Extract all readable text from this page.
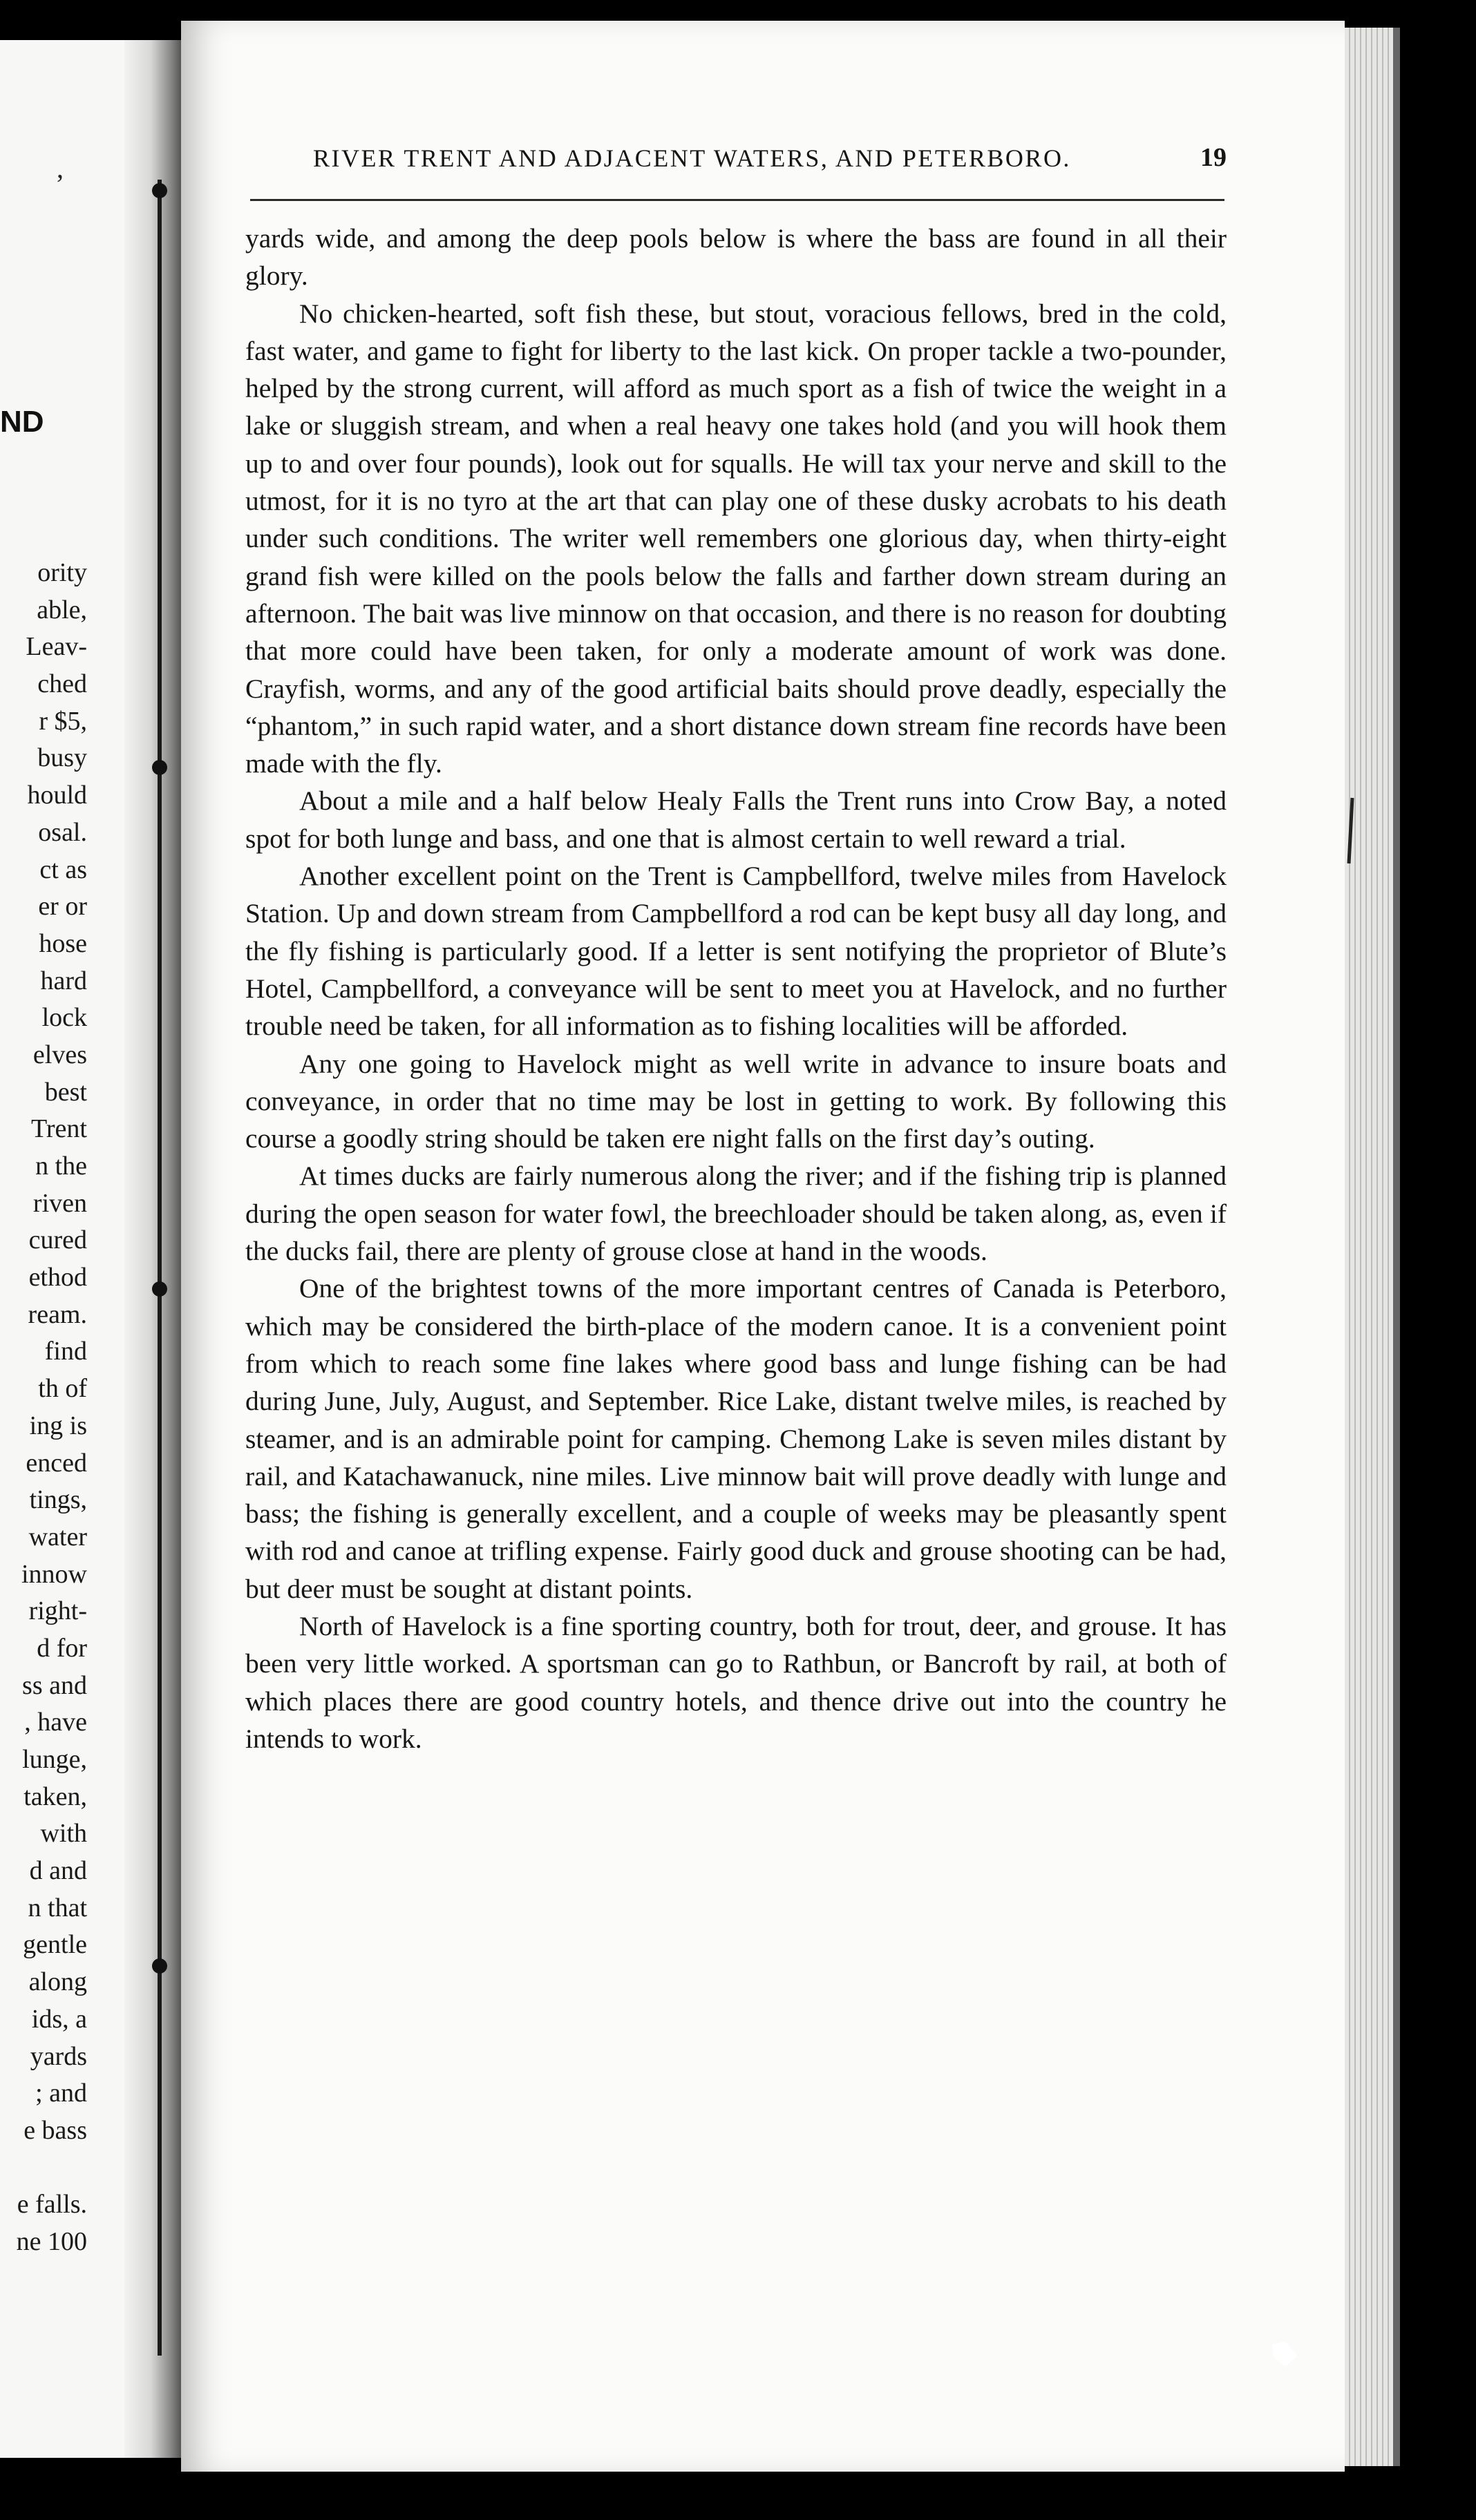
‚
ND
ority
able,
Leav-
ched
r $5,
busy
hould
osal.
ct as
er or
hose
hard
lock
elves
best
Trent
n the
riven
cured
ethod
ream.
find
th of
ing is
enced
tings,
water
innow
right-
d for
ss and
, have
lunge,
taken,
with
d and
n that
gentle
along
ids, a
yards
; and
e bass
e falls.
ne 100
RIVER TRENT AND ADJACENT WATERS, AND PETERBORO.	19

yards wide, and among the deep pools below is where the bass are found in all their glory.

No chicken-hearted, soft fish these, but stout, voracious fellows, bred in the cold, fast water, and game to fight for liberty to the last kick. On proper tackle a two-pounder, helped by the strong current, will afford as much sport as a fish of twice the weight in a lake or sluggish stream, and when a real heavy one takes hold (and you will hook them up to and over four pounds), look out for squalls. He will tax your nerve and skill to the utmost, for it is no tyro at the art that can play one of these dusky acrobats to his death under such conditions. The writer well remembers one glorious day, when thirty-eight grand fish were killed on the pools below the falls and farther down stream during an afternoon. The bait was live minnow on that occasion, and there is no reason for doubting that more could have been taken, for only a moderate amount of work was done. Crayfish, worms, and any of the good artificial baits should prove deadly, especially the “phantom,” in such rapid water, and a short distance down stream fine records have been made with the fly.

About a mile and a half below Healy Falls the Trent runs into Crow Bay, a noted spot for both lunge and bass, and one that is almost certain to well reward a trial.

Another excellent point on the Trent is Campbellford, twelve miles from Havelock Station. Up and down stream from Campbellford a rod can be kept busy all day long, and the fly fishing is particularly good. If a letter is sent notifying the proprietor of Blute’s Hotel, Campbellford, a conveyance will be sent to meet you at Havelock, and no further trouble need be taken, for all information as to fishing localities will be afforded.

Any one going to Havelock might as well write in advance to insure boats and conveyance, in order that no time may be lost in getting to work. By following this course a goodly string should be taken ere night falls on the first day’s outing.

At times ducks are fairly numerous along the river; and if the fishing trip is planned during the open season for water fowl, the breechloader should be taken along, as, even if the ducks fail, there are plenty of grouse close at hand in the woods.

One of the brightest towns of the more important centres of Canada is Peterboro, which may be considered the birth-place of the modern canoe. It is a convenient point from which to reach some fine lakes where good bass and lunge fishing can be had during June, July, August, and September. Rice Lake, distant twelve miles, is reached by steamer, and is an admirable point for camping. Chemong Lake is seven miles distant by rail, and Katachawanuck, nine miles. Live minnow bait will prove deadly with lunge and bass; the fishing is generally excellent, and a couple of weeks may be pleasantly spent with rod and canoe at trifling expense. Fairly good duck and grouse shooting can be had, but deer must be sought at distant points.

North of Havelock is a fine sporting country, both for trout, deer, and grouse. It has been very little worked. A sportsman can go to Rathbun, or Bancroft by rail, at both of which places there are good country hotels, and thence drive out into the country he intends to work.
